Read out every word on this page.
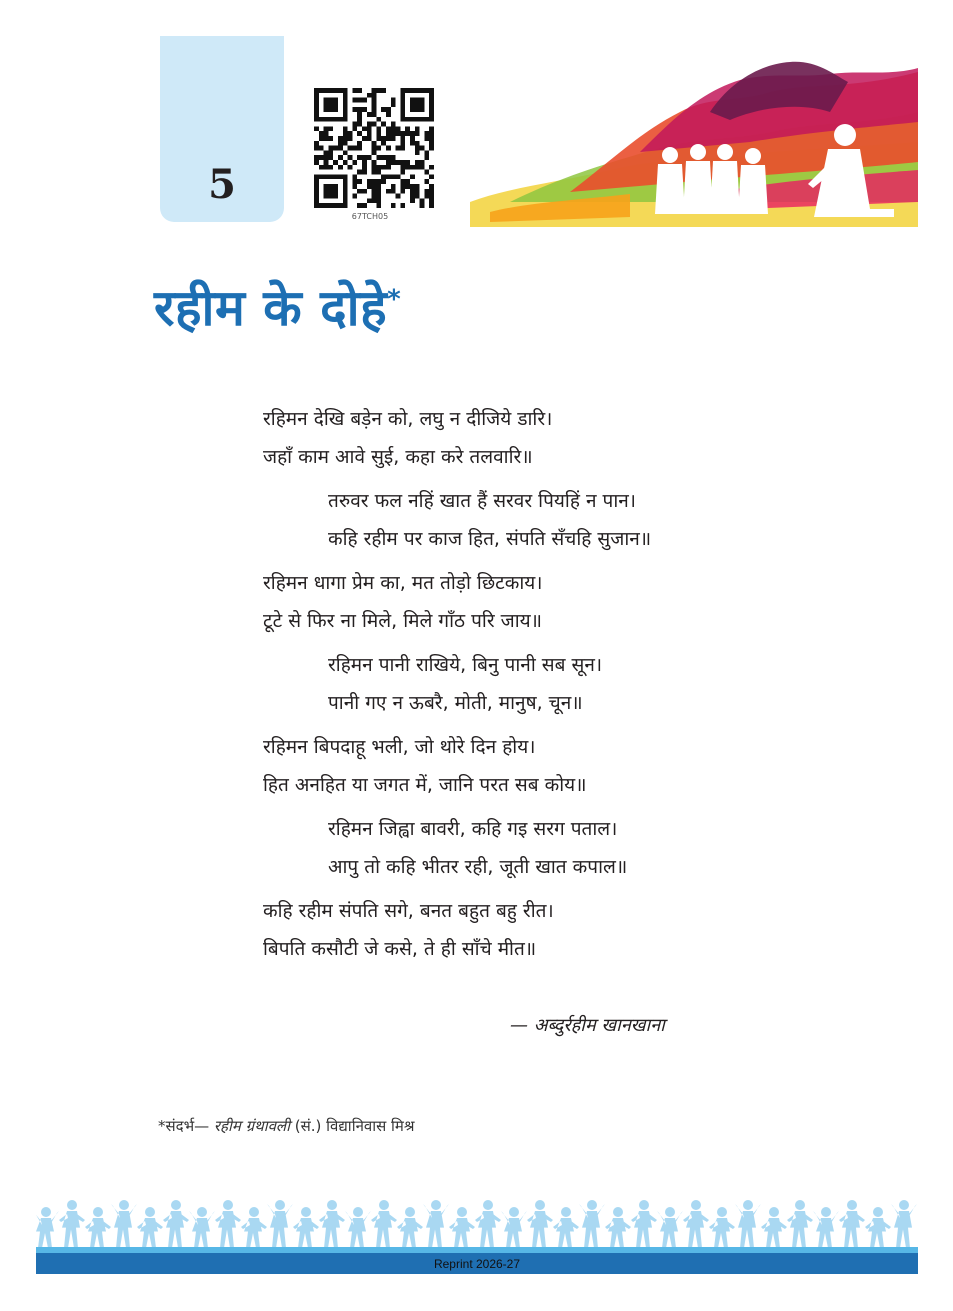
5
67TCH05
रहीम के दोहे*
रहिमन देखि बड़ेन को, लघु न दीजिये डारि।
जहाँ काम आवे सुई, कहा करे तलवारि॥
तरुवर फल नहिं खात हैं सरवर पियहिं न पान।
कहि रहीम पर काज हित, संपति सँचहि सुजान॥
रहिमन धागा प्रेम का, मत तोड़ो छिटकाय।
टूटे से फिर ना मिले, मिले गाँठ परि जाय॥
रहिमन पानी राखिये, बिनु पानी सब सून।
पानी गए न ऊबरै, मोती, मानुष, चून॥
रहिमन बिपदाहू भली, जो थोरे दिन होय।
हित अनहित या जगत में, जानि परत सब कोय॥
रहिमन जिह्वा बावरी, कहि गइ सरग पताल।
आपु तो कहि भीतर रही, जूती खात कपाल॥
कहि रहीम संपति सगे, बनत बहुत बहु रीत।
बिपति कसौटी जे कसे, ते ही साँचे मीत॥
— अब्दुर्रहीम खानखाना
*संदर्भ— रहीम ग्रंथावली (सं.) विद्यानिवास मिश्र
Reprint 2026-27
